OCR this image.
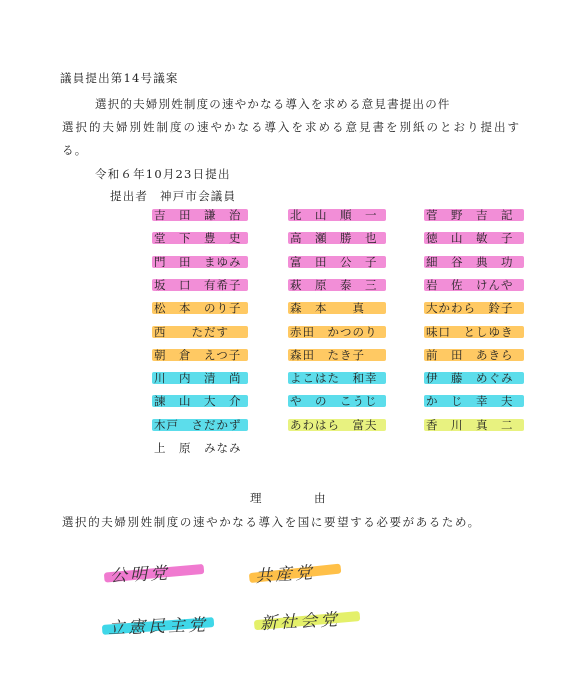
議員提出第14号議案
選択的夫婦別姓制度の速やかなる導入を求める意見書提出の件
選択的夫婦別姓制度の速やかなる導入を求める意見書を別紙のとおり提出す
る。
令和６年10月23日提出
提出者 神戸市会議員
吉　田　謙　治	北　山　順　一	菅　野　吉　記
堂　下　豊　史	高　瀬　勝　也	徳　山　敏　子
門　田　まゆみ	富　田　公　子	細　谷　典　功
坂　口　有希子	萩　原　泰　三	岩　佐　けんや
松　本　のり子	森　本　　真	大かわら　鈴子
西　　ただす	赤田　かつのり	味口　としゆき
朝　倉　えつ子	森田　たき子	前　田　あきら
川　内　清　尚	よこはた　和幸	伊　藤　めぐみ
諫　山　大　介	や　の　こうじ	か　じ　幸　夫
木戸　さだかず	あわはら　富夫	香　川　真　二
上　原　みなみ
理	由
選択的夫婦別姓制度の速やかなる導入を国に要望する必要があるため。
公明党	共産党
立憲民主党	新社会党
